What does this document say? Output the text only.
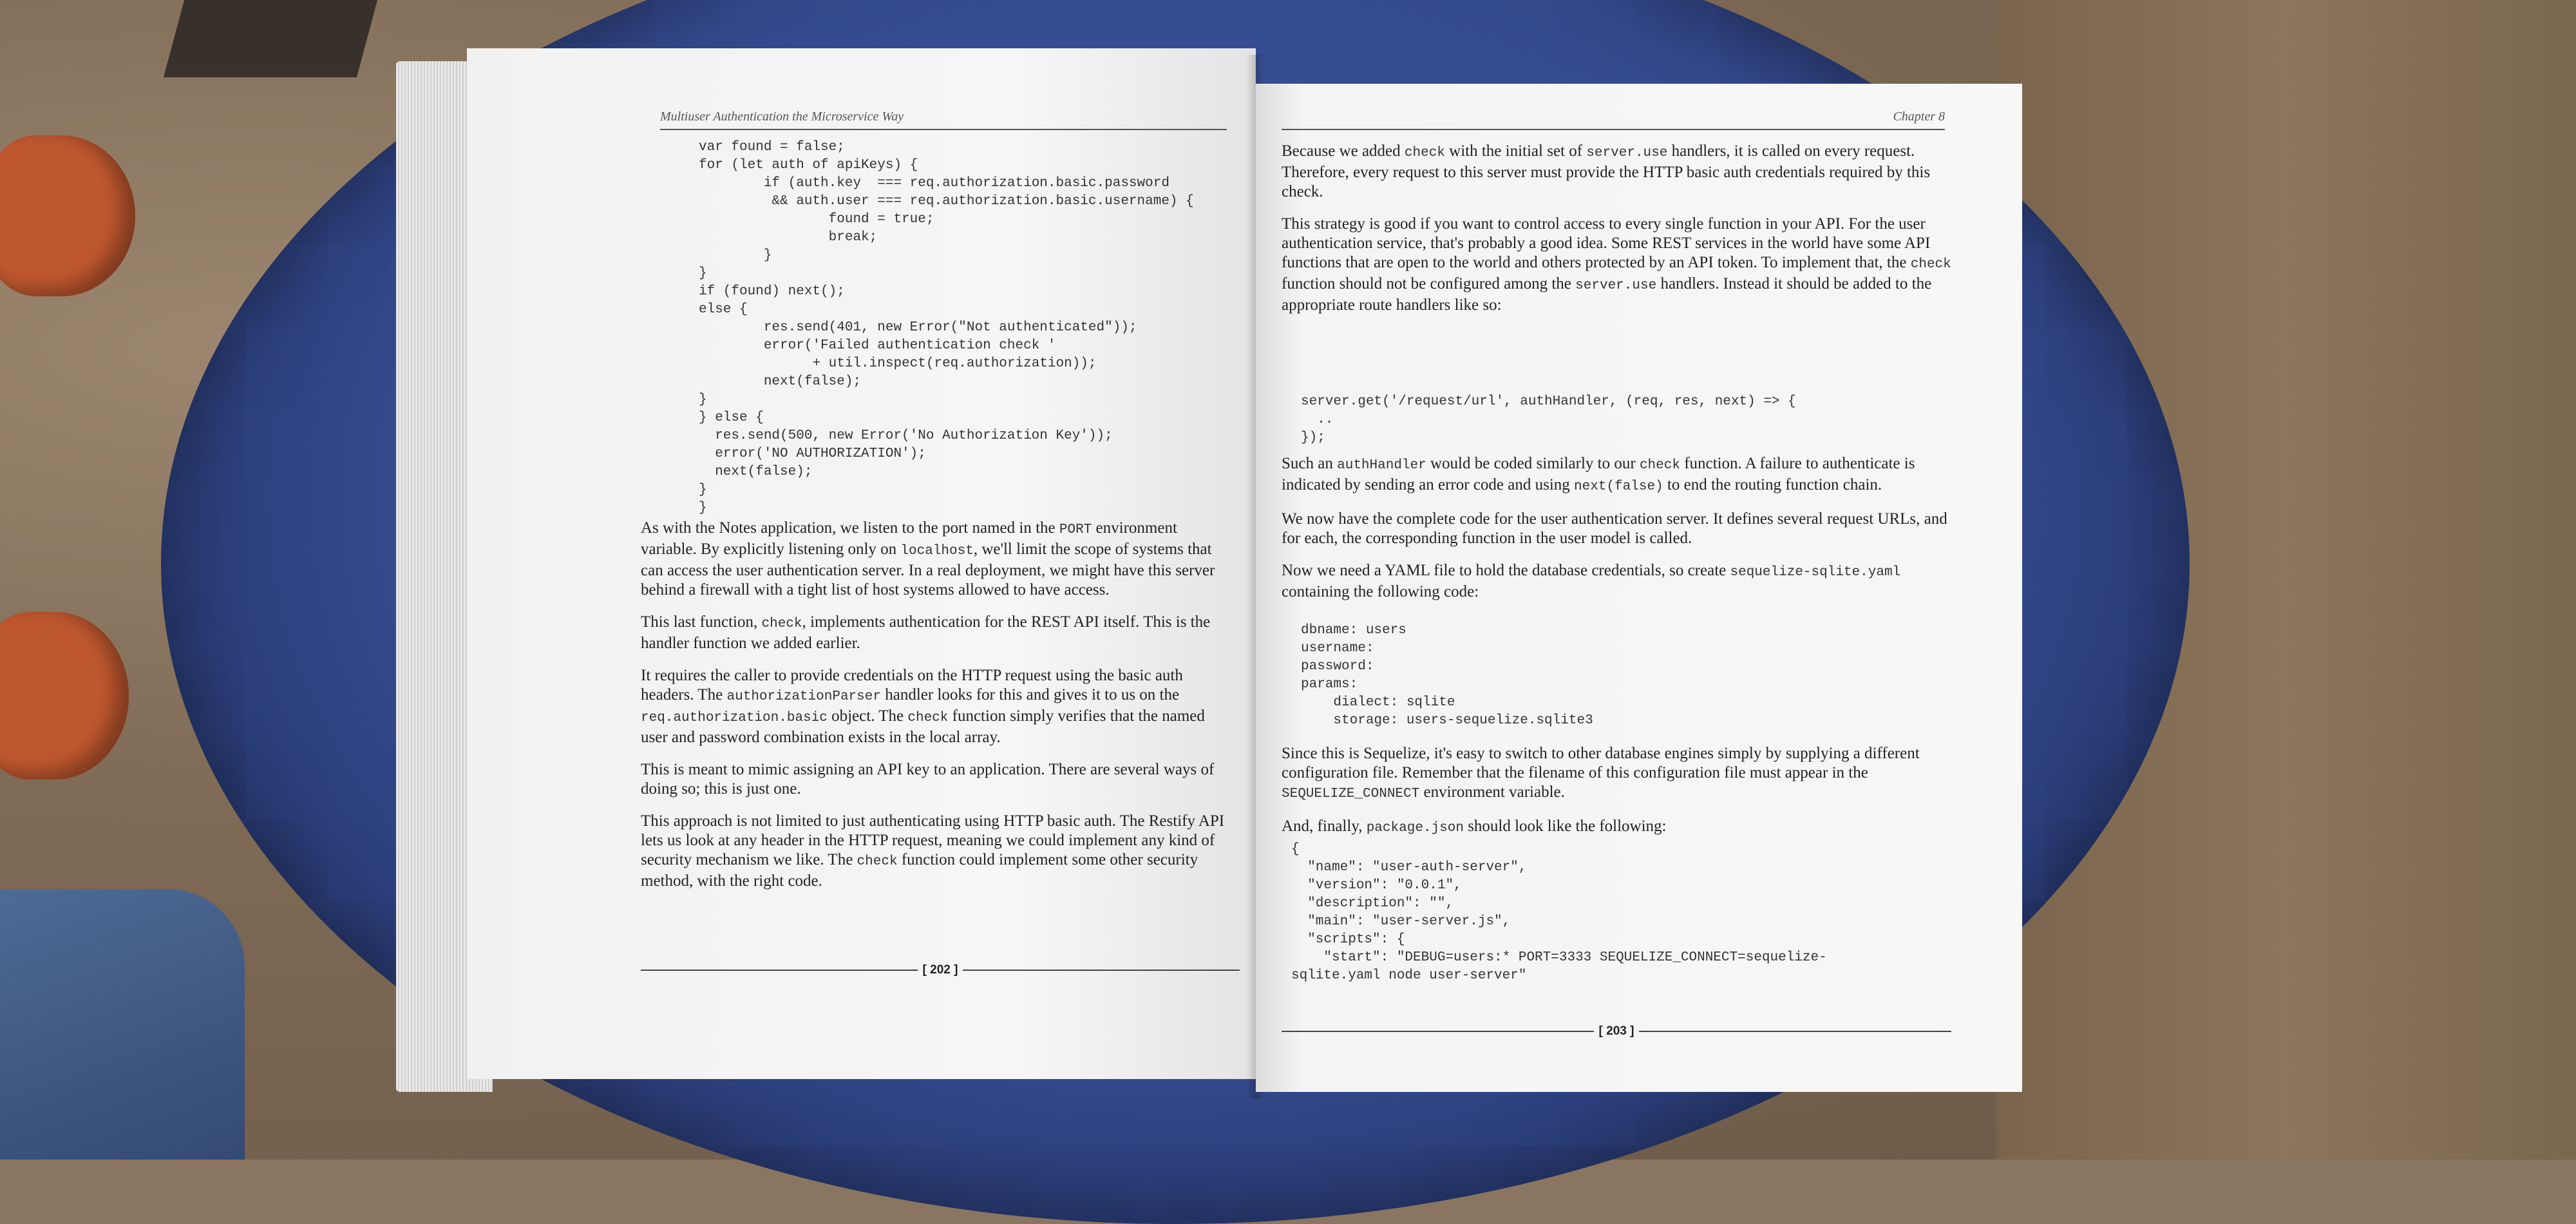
Multiuser Authentication the Microservice Way
var found = false;
for (let auth of apiKeys) {
if (auth.key  === req.authorization.basic.password
&& auth.user === req.authorization.basic.username) {
found = true;
break;
}
}
if (found) next();
else {
res.send(401, new Error("Not authenticated"));
error('Failed authentication check '
+ util.inspect(req.authorization));
next(false);
}
} else {
res.send(500, new Error('No Authorization Key'));
error('NO AUTHORIZATION');
next(false);
}
}

As with the Notes application, we listen to the port named in the PORT environment variable. By explicitly listening only on localhost, we'll limit the scope of systems that can access the user authentication server. In a real deployment, we might have this server behind a firewall with a tight list of host systems allowed to have access.

This last function, check, implements authentication for the REST API itself. This is the handler function we added earlier.

It requires the caller to provide credentials on the HTTP request using the basic auth headers. The authorizationParser handler looks for this and gives it to us on the req.authorization.basic object. The check function simply verifies that the named user and password combination exists in the local array.

This is meant to mimic assigning an API key to an application. There are several ways of doing so; this is just one.

This approach is not limited to just authenticating using HTTP basic auth. The Restify API lets us look at any header in the HTTP request, meaning we could implement any kind of security mechanism we like. The check function could implement some other security method, with the right code.

[ 202 ]
Chapter 8

Because we added check with the initial set of server.use handlers, it is called on every request. Therefore, every request to this server must provide the HTTP basic auth credentials required by this check.

This strategy is good if you want to control access to every single function in your API. For the user authentication service, that's probably a good idea. Some REST services in the world have some API functions that are open to the world and others protected by an API token. To implement that, the check function should not be configured among the server.use handlers. Instead it should be added to the appropriate route handlers like so:

server.get('/request/url', authHandler, (req, res, next) => {
..
});

Such an authHandler would be coded similarly to our check function. A failure to authenticate is indicated by sending an error code and using next(false) to end the routing function chain.

We now have the complete code for the user authentication server. It defines several request URLs, and for each, the corresponding function in the user model is called.

Now we need a YAML file to hold the database credentials, so create sequelize-sqlite.yaml containing the following code:

dbname: users
username:
password:
params:
dialect: sqlite
storage: users-sequelize.sqlite3

Since this is Sequelize, it's easy to switch to other database engines simply by supplying a different configuration file. Remember that the filename of this configuration file must appear in the SEQUELIZE_CONNECT environment variable.

And, finally, package.json should look like the following:

{
"name": "user-auth-server",
"version": "0.0.1",
"description": "",
"main": "user-server.js",
"scripts": {
"start": "DEBUG=users:* PORT=3333 SEQUELIZE_CONNECT=sequelize-
sqlite.yaml node user-server"
[ 203 ]
